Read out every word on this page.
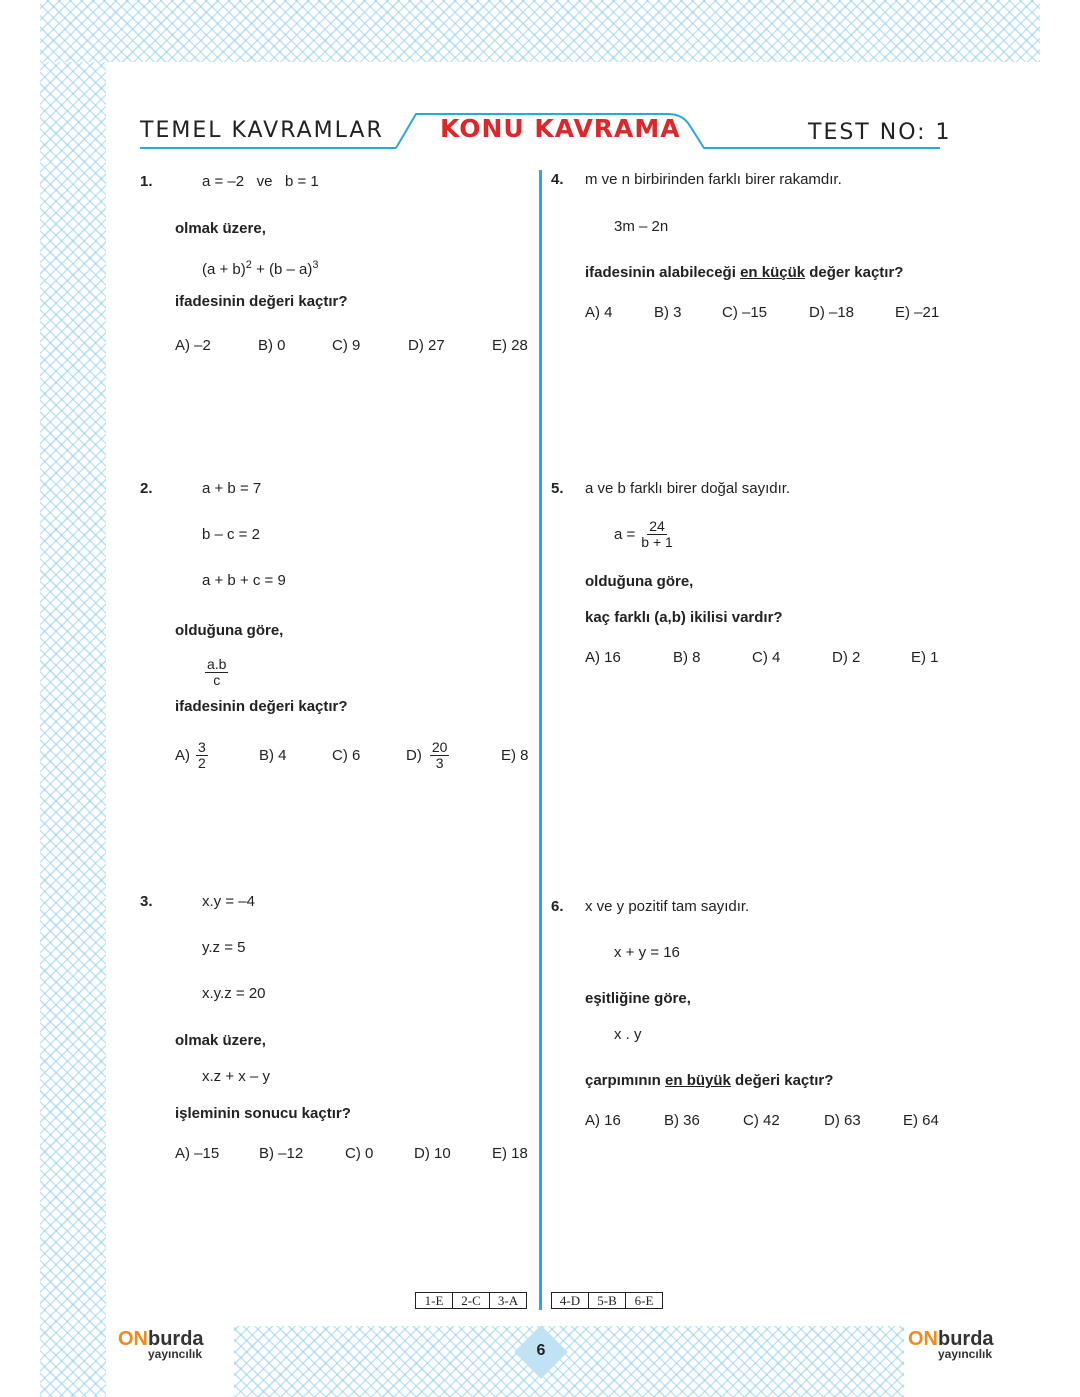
TEMEL KAVRAMLAR KONU KAVRAMA	TEST NO: 1
1.	a = –2   ve   b = 1
olmak üzere,
$(a + b)^2 + (b - a)^3$
ifadesinin değeri kaçtır?
A) –2	B) 0	C) 9	D) 27	E) 28
2.	a + b = 7
b – c = 2
a + b + c = 9
olduğuna göre,
$\frac{a.b}{c}$
ifadesinin değeri kaçtır?
$A) \frac{3}{2}$	B) 4	C) 6	$D) \frac{20}{3}$	E) 8
3.	x.y = –4
y.z = 5
x.y.z = 20
olmak üzere,
x.z + x – y
işleminin sonucu kaçtır?
A) –15	B) –12	C) 0	D) 10	E) 18
4. m ve n birbirinden farklı birer rakamdır.
3m – 2n
ifadesinin alabileceği en küçük değer kaçtır?
A) 4	B) 3	C) –15	D) –18	E) –21
5. a ve b farklı birer doğal sayıdır.
$a = \frac{24}{b + 1}$
olduğuna göre,
kaç farklı (a,b) ikilisi vardır?
A) 16	B) 8	C) 4	D) 2	E) 1
6. x ve y pozitif tam sayıdır.
x + y = 16
eşitliğine göre,
x . y
çarpımının en büyük değeri kaçtır?
A) 16	B) 36	C) 42	D) 63	E) 64
1-E	2-C	3-A	4-D	5-B	6-E
ONburda
yayıncılık
ONburda
yayıncılık
6
